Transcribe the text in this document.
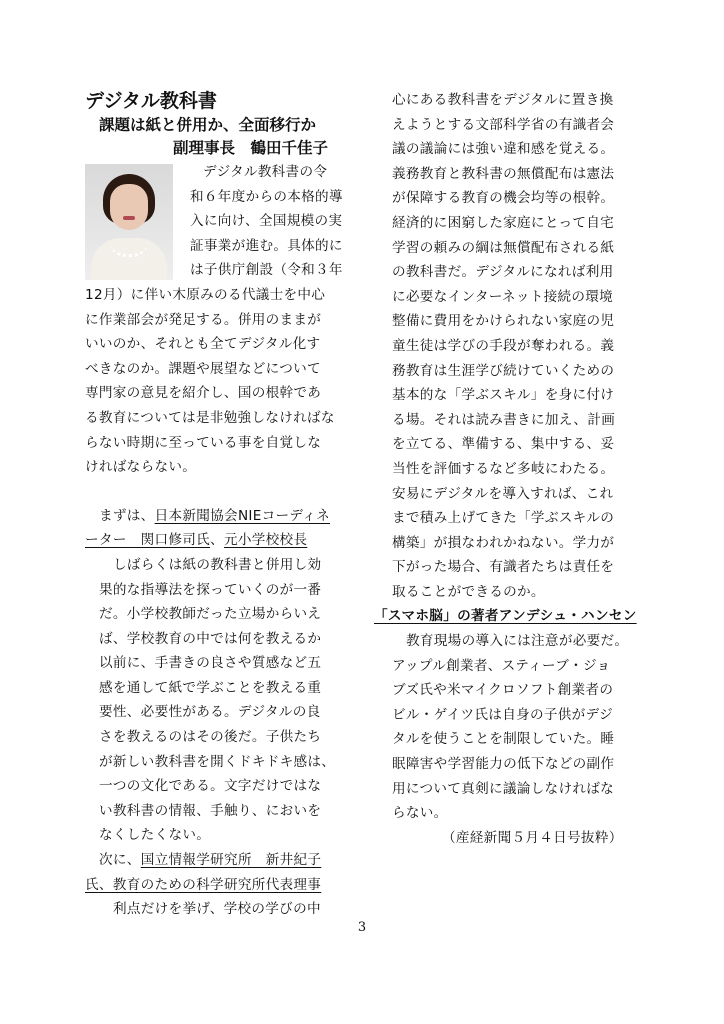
デジタル教科書
課題は紙と併用か、全面移行か
副理事長　鶴田千佳子
デジタル教科書の令
和６年度からの本格的導
入に向け、全国規模の実
証事業が進む。具体的に
は子供庁創設（令和３年
12月）に伴い木原みのる代議士を中心
に作業部会が発足する。併用のままが
いいのか、それとも全てデジタル化す
べきなのか。課題や展望などについて
専門家の意見を紹介し、国の根幹であ
る教育については是非勉強しなければな
らない時期に至っている事を自覚しな
ければならない。
まずは、日本新聞協会NIEコーディネ
ーター　関口修司氏、元小学校校長
しばらくは紙の教科書と併用し効
果的な指導法を探っていくのが一番
だ。小学校教師だった立場からいえ
ば、学校教育の中では何を教えるか
以前に、手書きの良さや質感など五
感を通して紙で学ぶことを教える重
要性、必要性がある。デジタルの良
さを教えるのはその後だ。子供たち
が新しい教科書を開くドキドキ感は、
一つの文化である。文字だけではな
い教科書の情報、手触り、においを
なくしたくない。
次に、国立情報学研究所　新井紀子
氏、教育のための科学研究所代表理事
利点だけを挙げ、学校の学びの中
心にある教科書をデジタルに置き換
えようとする文部科学省の有識者会
議の議論には強い違和感を覚える。
義務教育と教科書の無償配布は憲法
が保障する教育の機会均等の根幹。
経済的に困窮した家庭にとって自宅
学習の頼みの綱は無償配布される紙
の教科書だ。デジタルになれば利用
に必要なインターネット接続の環境
整備に費用をかけられない家庭の児
童生徒は学びの手段が奪われる。義
務教育は生涯学び続けていくための
基本的な「学ぶスキル」を身に付け
る場。それは読み書きに加え、計画
を立てる、準備する、集中する、妥
当性を評価するなど多岐にわたる。
安易にデジタルを導入すれば、これ
まで積み上げてきた「学ぶスキルの
構築」が損なわれかねない。学力が
下がった場合、有識者たちは責任を
取ることができるのか。
「スマホ脳」の著者アンデシュ・ハンセン
教育現場の導入には注意が必要だ。
アップル創業者、スティーブ・ジョ
ブズ氏や米マイクロソフト創業者の
ビル・ゲイツ氏は自身の子供がデジ
タルを使うことを制限していた。睡
眠障害や学習能力の低下などの副作
用について真剣に議論しなければな
らない。
（産経新聞５月４日号抜粋）
3
